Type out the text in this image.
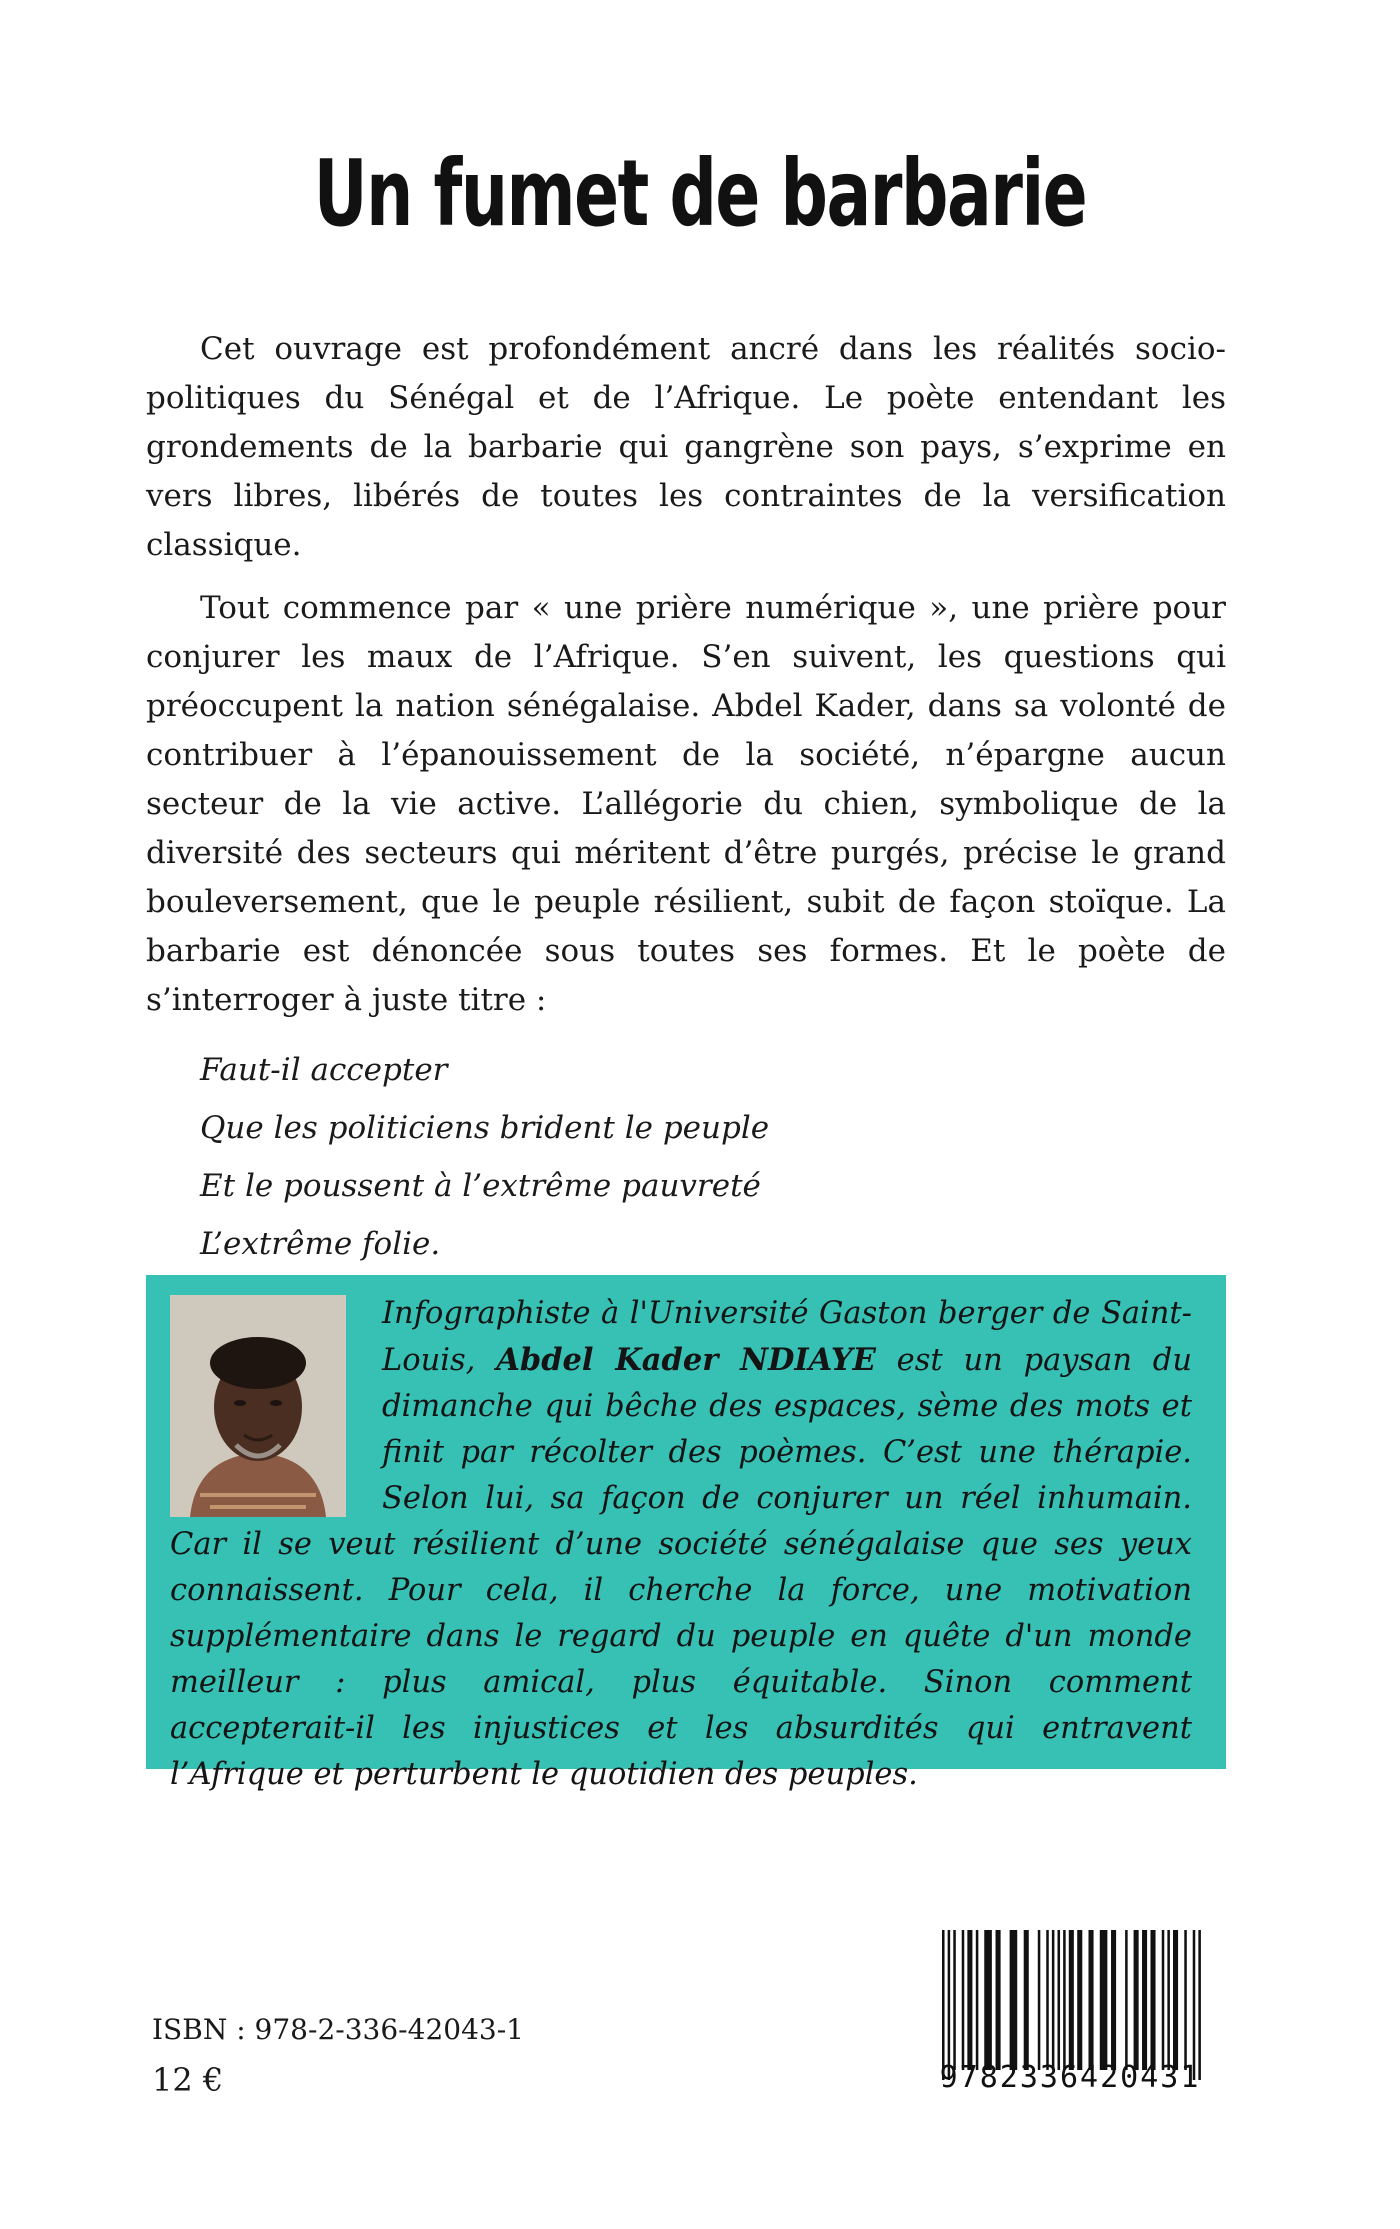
Un fumet de barbarie

Cet ouvrage est profondément ancré dans les réalités socio-politiques du Sénégal et de l’Afrique. Le poète entendant les grondements de la barbarie qui gangrène son pays, s’exprime en vers libres, libérés de toutes les contraintes de la versification classique.

Tout commence par « une prière numérique », une prière pour conjurer les maux de l’Afrique. S’en suivent, les questions qui préoccupent la nation sénégalaise. Abdel Kader, dans sa volonté de contribuer à l’épanouissement de la société, n’épargne aucun secteur de la vie active. L’allégorie du chien, symbolique de la diversité des secteurs qui méritent d’être purgés, précise le grand bouleversement, que le peuple résilient, subit de façon stoïque. La barbarie est dénoncée sous toutes ses formes. Et le poète de s’interroger à juste titre :

Faut-il accepter
Que les politiciens brident le peuple
Et le poussent à l’extrême pauvreté
L’extrême folie.
Infographiste à l'Université Gaston berger de Saint-Louis, Abdel Kader NDIAYE est un paysan du dimanche qui bêche des espaces, sème des mots et finit par récolter des poèmes. C’est une thérapie. Selon lui, sa façon de conjurer un réel inhumain. Car il se veut résilient d’une société sénégalaise que ses yeux connaissent. Pour cela, il cherche la force, une motivation supplémentaire dans le regard du peuple en quête d'un monde meilleur : plus amical, plus équitable. Sinon comment accepterait-il les injustices et les absurdités qui entravent l’Afrique et perturbent le quotidien des peuples.
ISBN : 978-2-336-42043-1
12 €	9782336420431
